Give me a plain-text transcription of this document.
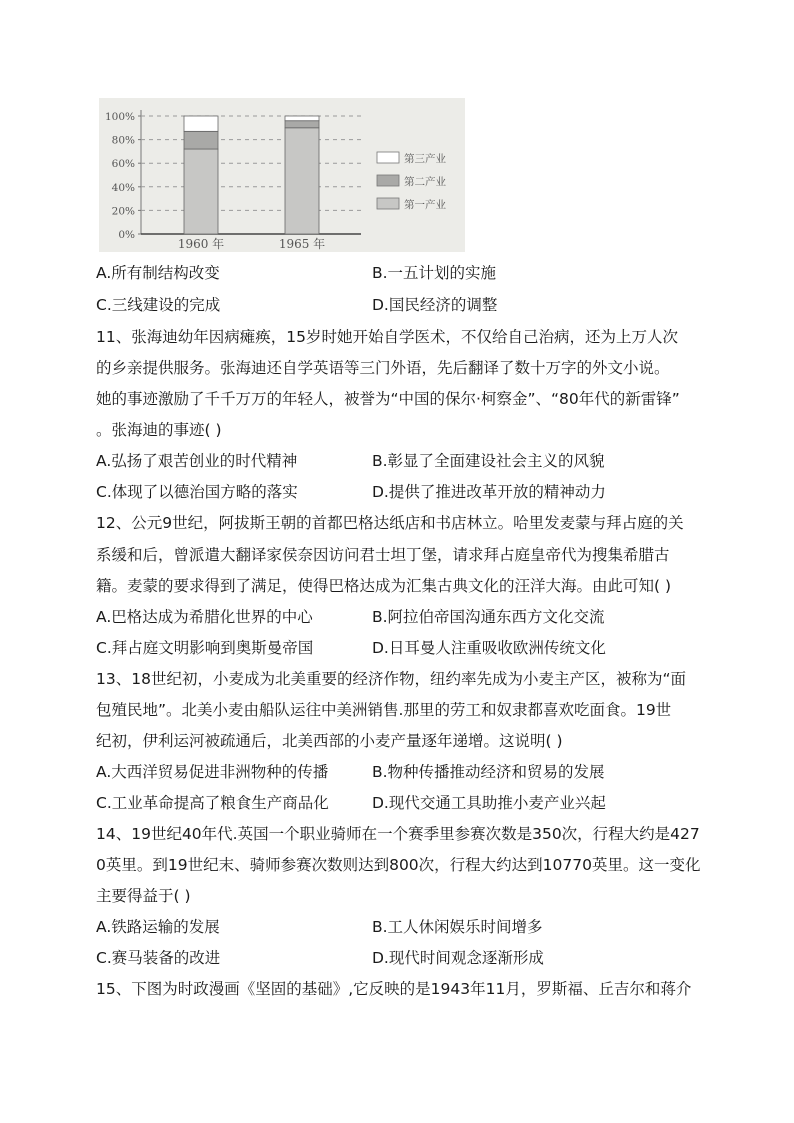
0%
20%
40%
60%
80%
100%
1960 年	1965 年
第三产业
第二产业
第一产业
A.所有制结构改变	B.一五计划的实施
C.三线建设的完成	D.国民经济的调整
11、张海迪幼年因病瘫痪，15岁时她开始自学医术，不仅给自己治病，还为上万人次
的乡亲提供服务。张海迪还自学英语等三门外语，先后翻译了数十万字的外文小说。
她的事迹激励了千千万万的年轻人，被誉为“中国的保尔·柯察金”、“80年代的新雷锋”
。张海迪的事迹( )
A.弘扬了艰苦创业的时代精神	B.彰显了全面建设社会主义的风貌
C.体现了以德治国方略的落实	D.提供了推进改革开放的精神动力
12、公元9世纪，阿拔斯王朝的首都巴格达纸店和书店林立。哈里发麦蒙与拜占庭的关
系缓和后，曾派遣大翻译家侯奈因访问君士坦丁堡，请求拜占庭皇帝代为搜集希腊古
籍。麦蒙的要求得到了满足，使得巴格达成为汇集古典文化的汪洋大海。由此可知( )
A.巴格达成为希腊化世界的中心	B.阿拉伯帝国沟通东西方文化交流
C.拜占庭文明影响到奥斯曼帝国	D.日耳曼人注重吸收欧洲传统文化
13、18世纪初，小麦成为北美重要的经济作物，纽约率先成为小麦主产区，被称为“面
包殖民地”。北美小麦由船队运往中美洲销售.那里的劳工和奴隶都喜欢吃面食。19世
纪初，伊利运河被疏通后，北美西部的小麦产量逐年递增。这说明( )
A.大西洋贸易促进非洲物种的传播	B.物种传播推动经济和贸易的发展
C.工业革命提高了粮食生产商品化	D.现代交通工具助推小麦产业兴起
14、19世纪40年代.英国一个职业骑师在一个赛季里参赛次数是350次，行程大约是427
0英里。到19世纪末、骑师参赛次数则达到800次，行程大约达到10770英里。这一变化
主要得益于( )
A.铁路运输的发展	B.工人休闲娱乐时间增多
C.赛马装备的改进	D.现代时间观念逐渐形成
15、下图为时政漫画《坚固的基础》,它反映的是1943年11月，罗斯福、丘吉尔和蒋介
